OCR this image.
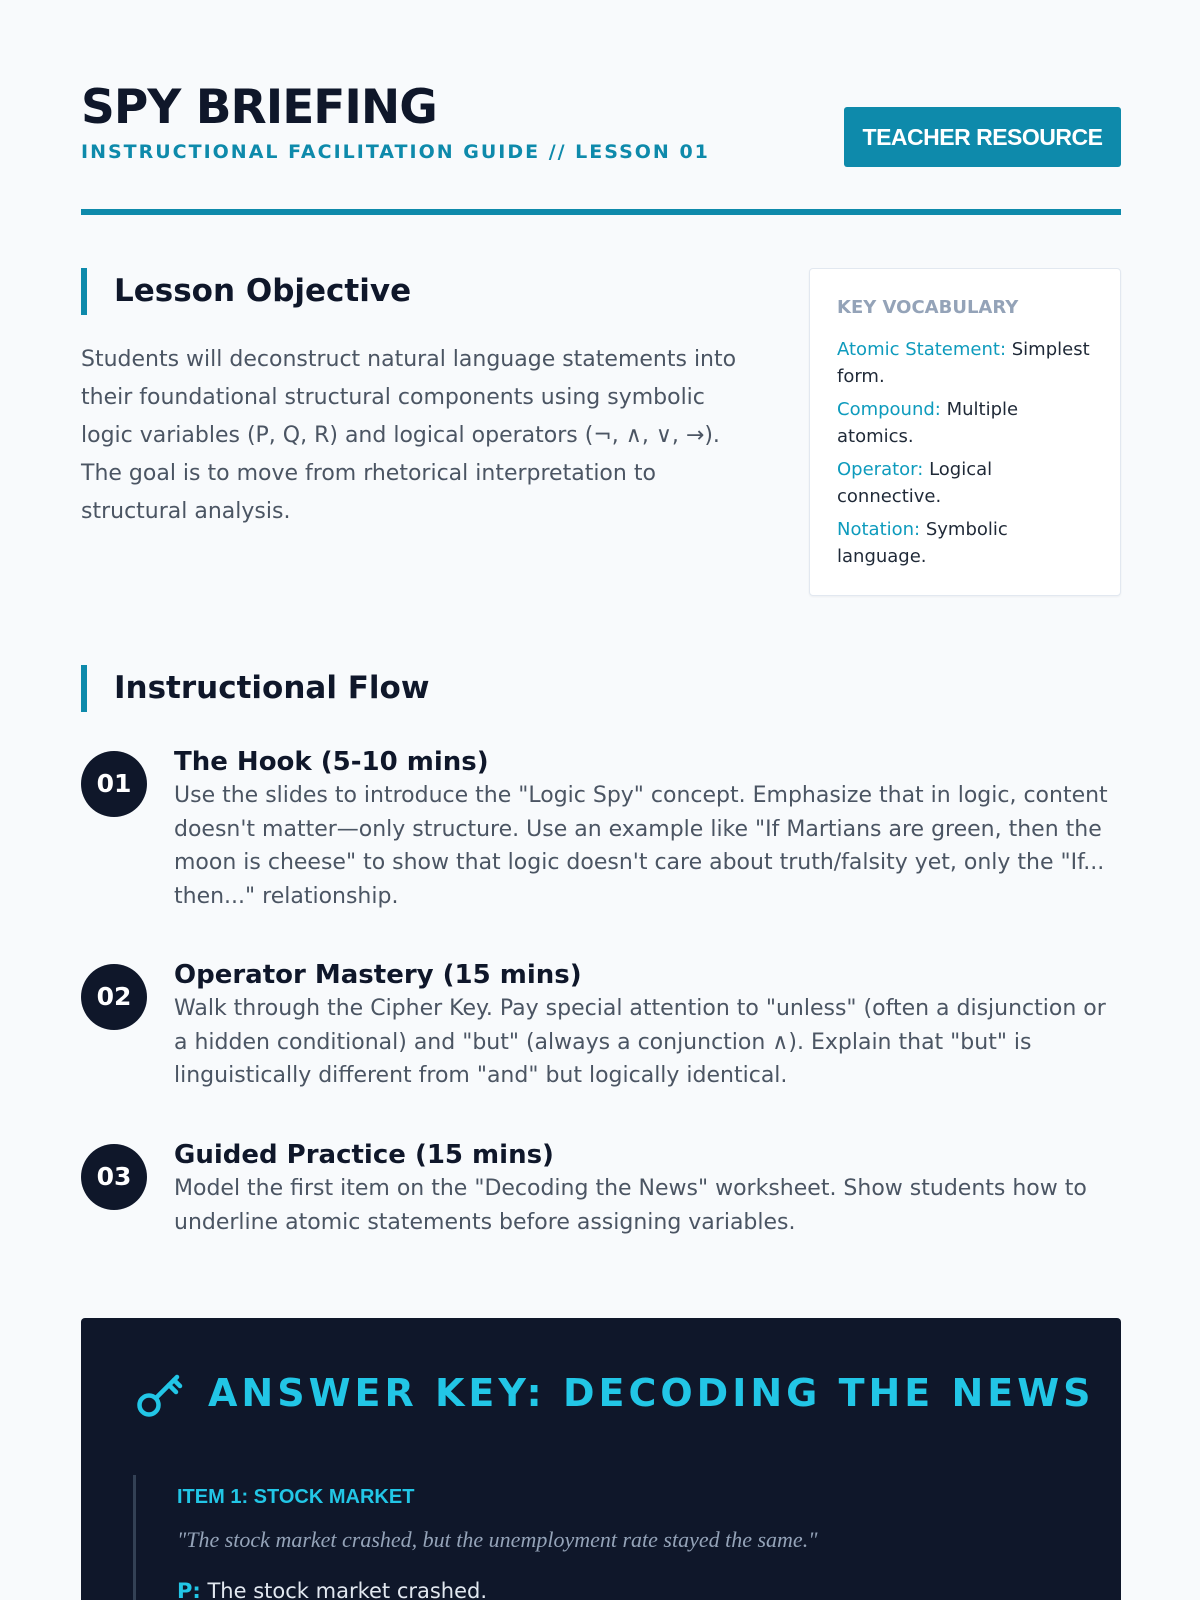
SPY BRIEFING
INSTRUCTIONAL FACILITATION GUIDE // LESSON 01
TEACHER RESOURCE
Lesson Objective

Students will deconstruct natural language statements into their foundational structural components using symbolic logic variables (P, Q, R) and logical operators (¬, ∧, ∨, →). The goal is to move from rhetorical interpretation to structural analysis.

KEY VOCABULARY
Atomic Statement: Simplest form.
Compound: Multiple atomics.
Operator: Logical connective.
Notation: Symbolic language.
Instructional Flow
01
The Hook (5-10 mins)

Use the slides to introduce the "Logic Spy" concept. Emphasize that in logic, content doesn't matter—only structure. Use an example like "If Martians are green, then the moon is cheese" to show that logic doesn't care about truth/falsity yet, only the "If... then..." relationship.

02
Operator Mastery (15 mins)

Walk through the Cipher Key. Pay special attention to "unless" (often a disjunction or a hidden conditional) and "but" (always a conjunction ∧). Explain that "but" is linguistically different from "and" but logically identical.

03
Guided Practice (15 mins)

Model the first item on the "Decoding the News" worksheet. Show students how to underline atomic statements before assigning variables.

ANSWER KEY: DECODING THE NEWS
ITEM 1: STOCK MARKET
"The stock market crashed, but the unemployment rate stayed the same."
P: The stock market crashed.
